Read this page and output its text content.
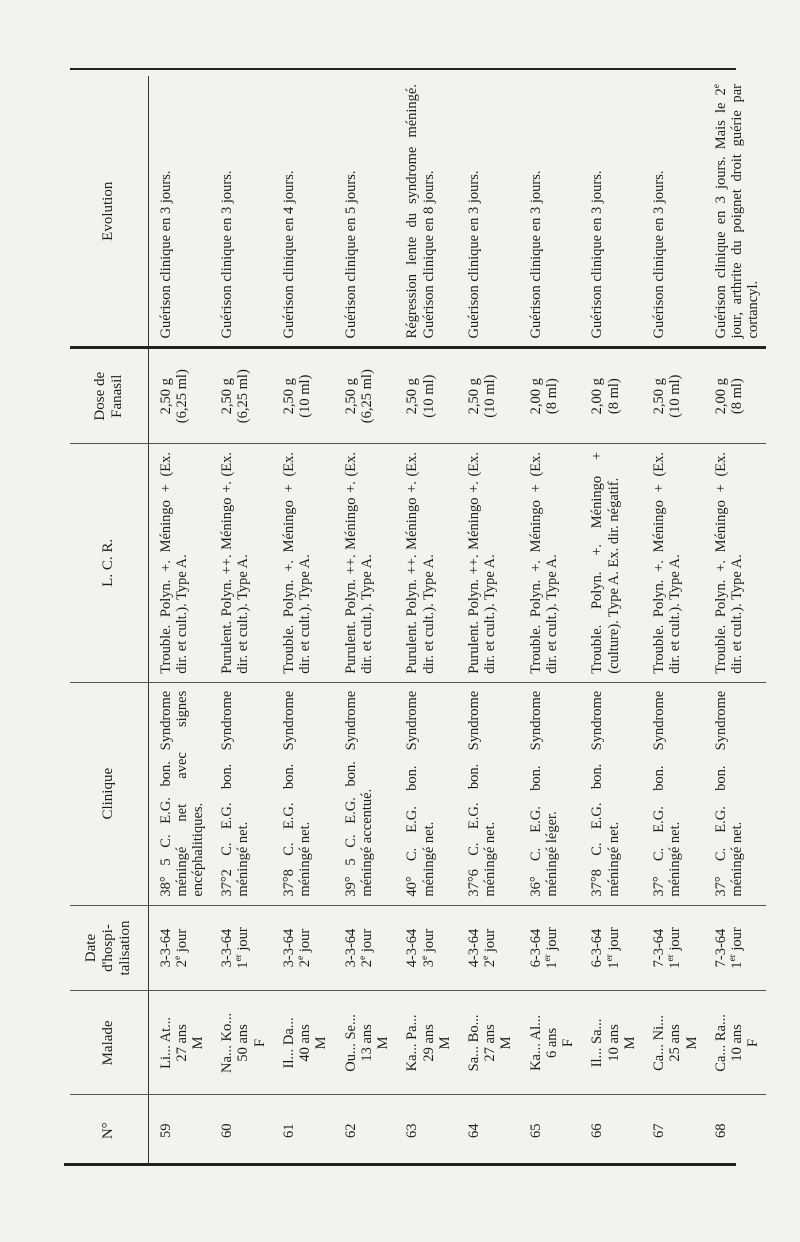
N°	Malade	Date d'hospi- talisation	Clinique	L. C. R.	Dose de Fanasil	Evolution
59	Li... At... 27 ans M	3-3-64 2e jour	38° 5 C. E.G. bon. Syndrome méningé net avec signes encéphalitiques.	Trouble. Polyn. +. Méningo + (Ex. dir. et cult.). Type A.	2,50 g (6,25 ml)	Guérison clinique en 3 jours.
60	Na... Ko... 50 ans F	3-3-64 1er jour	37°2 C. E.G. bon. Syndrome méningé net.	Purulent. Polyn. ++. Méningo +. (Ex. dir. et cult.). Type A.	2,50 g (6,25 ml)	Guérison clinique en 3 jours.
61	Il... Da... 40 ans M	3-3-64 2e jour	37°8 C. E.G. bon. Syndrome méningé net.	Trouble. Polyn. +. Méningo + (Ex. dir. et cult.). Type A.	2,50 g (10 ml)	Guérison clinique en 4 jours.
62	Ou... Se... 13 ans M	3-3-64 2e jour	39° 5 C. E.G. bon. Syndrome méningé accentué.	Purulent. Polyn. ++. Méningo +. (Ex. dir. et cult.). Type A.	2,50 g (6,25 ml)	Guérison clinique en 5 jours.
63	Ka... Pa... 29 ans M	4-3-64 3e jour	40° C. E.G. bon. Syndrome méningé net.	Purulent. Polyn. ++. Méningo +. (Ex. dir. et cult.). Type A.	2,50 g (10 ml)	Régression lente du syndrome méningé. Guérison clinique en 8 jours.
64	Sa... Bo... 27 ans M	4-3-64 2e jour	37°6 C. E.G. bon. Syndrome méningé net.	Purulent. Polyn. ++. Méningo +. (Ex. dir. et cult.). Type A.	2,50 g (10 ml)	Guérison clinique en 3 jours.
65	Ka... Al... 6 ans F	6-3-64 1er jour	36° C. E.G. bon. Syndrome méningé léger.	Trouble. Polyn. +. Méningo + (Ex. dir. et cult.). Type A.	2,00 g (8 ml)	Guérison clinique en 3 jours.
66	Il... Sa... 10 ans M	6-3-64 1er jour	37°8 C. E.G. bon. Syndrome méningé net.	Trouble. Polyn. +. Méningo + (culture). Type A. Ex. dir. négatif.	2,00 g (8 ml)	Guérison clinique en 3 jours.
67	Ca... Ni... 25 ans M	7-3-64 1er jour	37° C. E.G. bon. Syndrome méningé net.	Trouble. Polyn. +. Méningo + (Ex. dir. et cult.). Type A.	2,50 g (10 ml)	Guérison clinique en 3 jours.
68	Ca... Ra... 10 ans F	7-3-64 1er jour	37° C. E.G. bon. Syndrome méningé net.	Trouble. Polyn. +. Méningo + (Ex. dir. et cult.). Type A.	2,00 g (8 ml)	Guérison clinique en 3 jours. Mais le 2e jour, arthrite du poignet droit guérie par cortancyl.
